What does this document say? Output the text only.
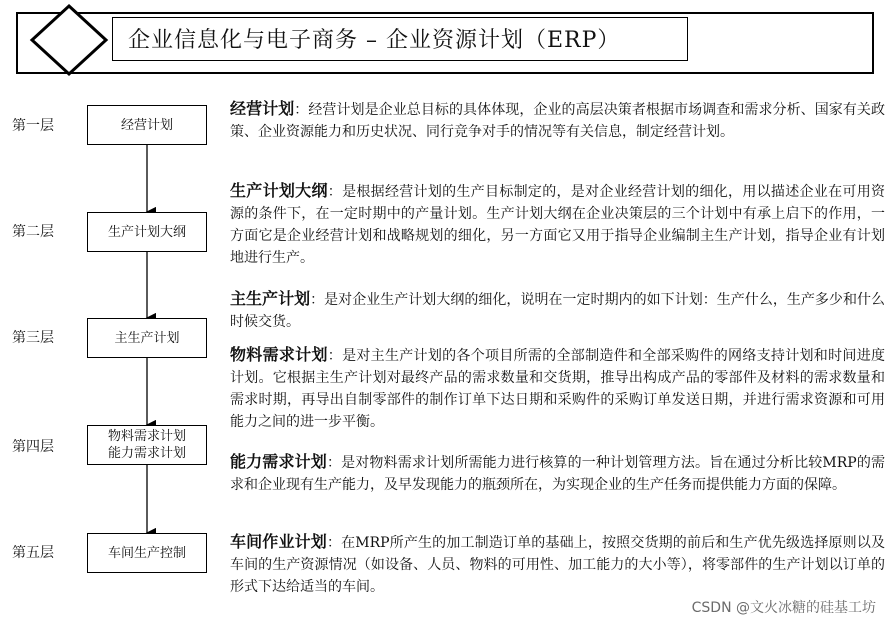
企业信息化与电子商务 – 企业资源计划（ERP）
第一层
第二层
第三层
第四层
第五层
经营计划
生产计划大纲
主生产计划
物料需求计划
能力需求计划
车间生产控制
经营计划：经营计划是企业总目标的具体体现，企业的高层决策者根据市场调查和需求分析、国家有关政策、企业资源能力和历史状况、同行竞争对手的情况等有关信息，制定经营计划。
生产计划大纲：是根据经营计划的生产目标制定的，是对企业经营计划的细化，用以描述企业在可用资源的条件下，在一定时期中的产量计划。生产计划大纲在企业决策层的三个计划中有承上启下的作用，一方面它是企业经营计划和战略规划的细化，另一方面它又用于指导企业编制主生产计划，指导企业有计划地进行生产。
主生产计划：是对企业生产计划大纲的细化，说明在一定时期内的如下计划：生产什么，生产多少和什么时候交货。
物料需求计划：是对主生产计划的各个项目所需的全部制造件和全部采购件的网络支持计划和时间进度计划。它根据主生产计划对最终产品的需求数量和交货期，推导出构成产品的零部件及材料的需求数量和需求时期，再导出自制零部件的制作订单下达日期和采购件的采购订单发送日期，并进行需求资源和可用能力之间的进一步平衡。
能力需求计划：是对物料需求计划所需能力进行核算的一种计划管理方法。旨在通过分析比较MRP的需求和企业现有生产能力，及早发现能力的瓶颈所在，为实现企业的生产任务而提供能力方面的保障。
车间作业计划：在MRP所产生的加工制造订单的基础上，按照交货期的前后和生产优先级选择原则以及车间的生产资源情况（如设备、人员、物料的可用性、加工能力的大小等），将零部件的生产计划以订单的形式下达给适当的车间。
CSDN @文火冰糖的硅基工坊
